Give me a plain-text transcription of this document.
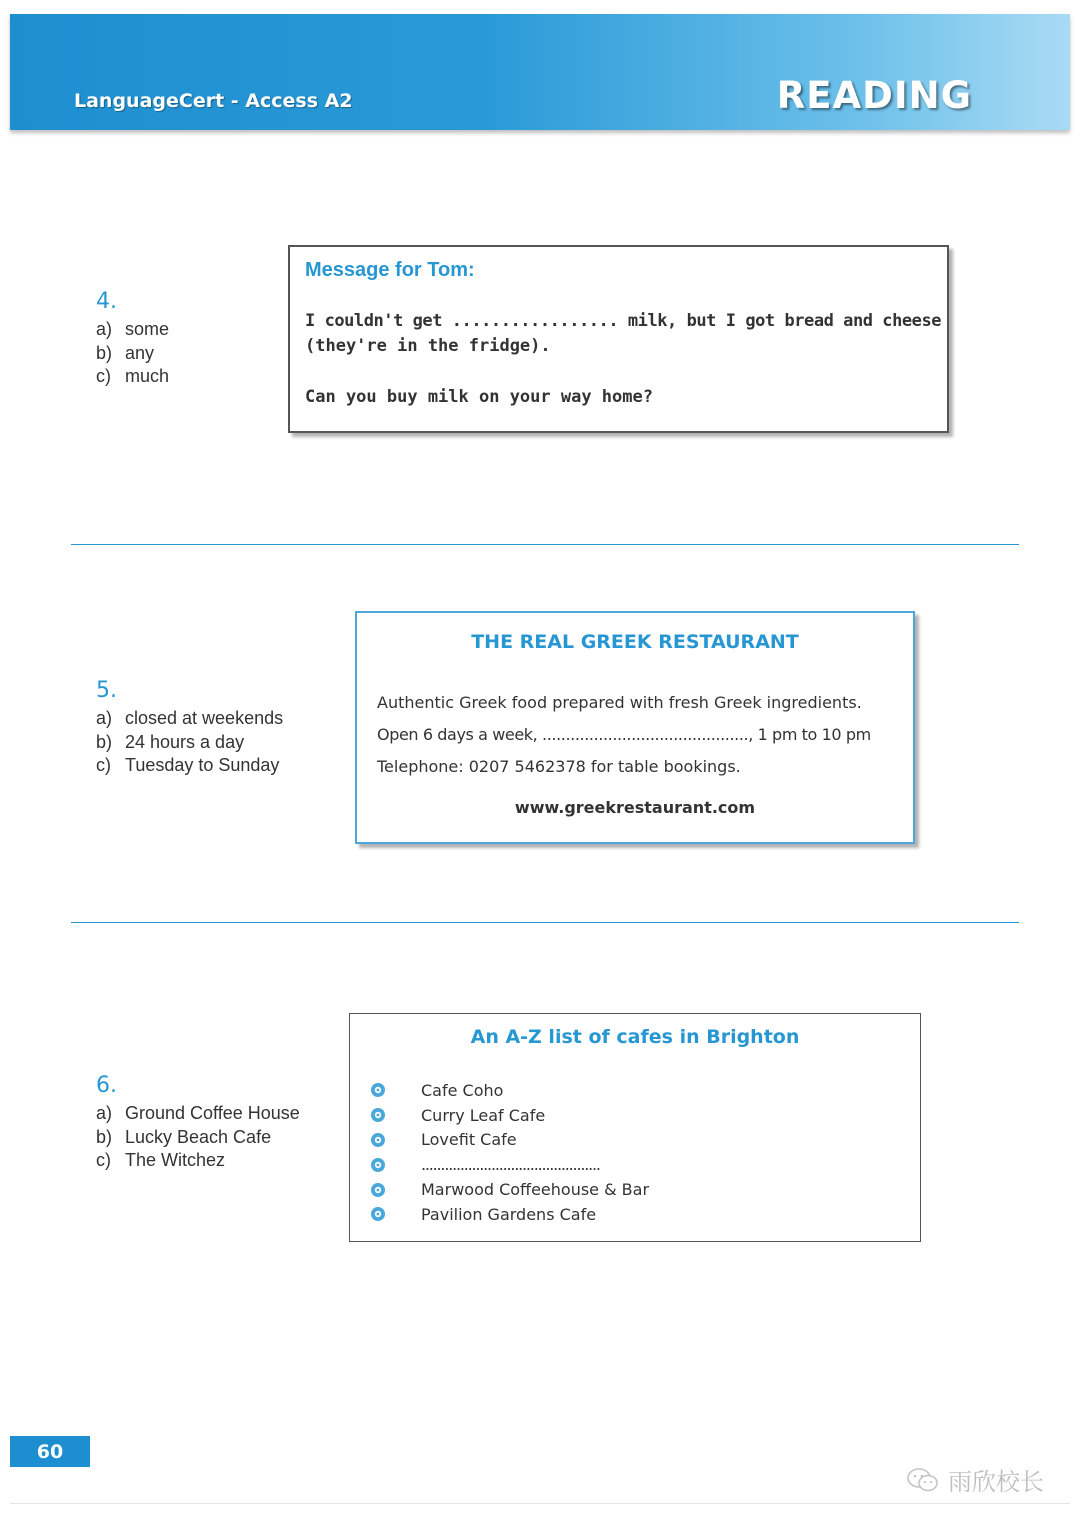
LanguageCert - Access A2	READING
4.
a) some
b) any
c) much
Message for Tom:
I couldn't get ................. milk, but I got bread and cheese
(they're in the fridge).
Can you buy milk on your way home?
5.
a) closed at weekends
b) 24 hours a day
c) Tuesday to Sunday
THE REAL GREEK RESTAURANT
Authentic Greek food prepared with fresh Greek ingredients.
Open 6 days a week, ............................................, 1 pm to 10 pm
Telephone: 0207 5462378 for table bookings.
www.greekrestaurant.com
6.
a) Ground Coffee House
b) Lucky Beach Cafe
c) The Witchez
An A-Z list of cafes in Brighton
Cafe Coho
Curry Leaf Cafe
Lovefit Cafe
..............................................
Marwood Coffeehouse & Bar
Pavilion Gardens Cafe
60
雨欣校长
